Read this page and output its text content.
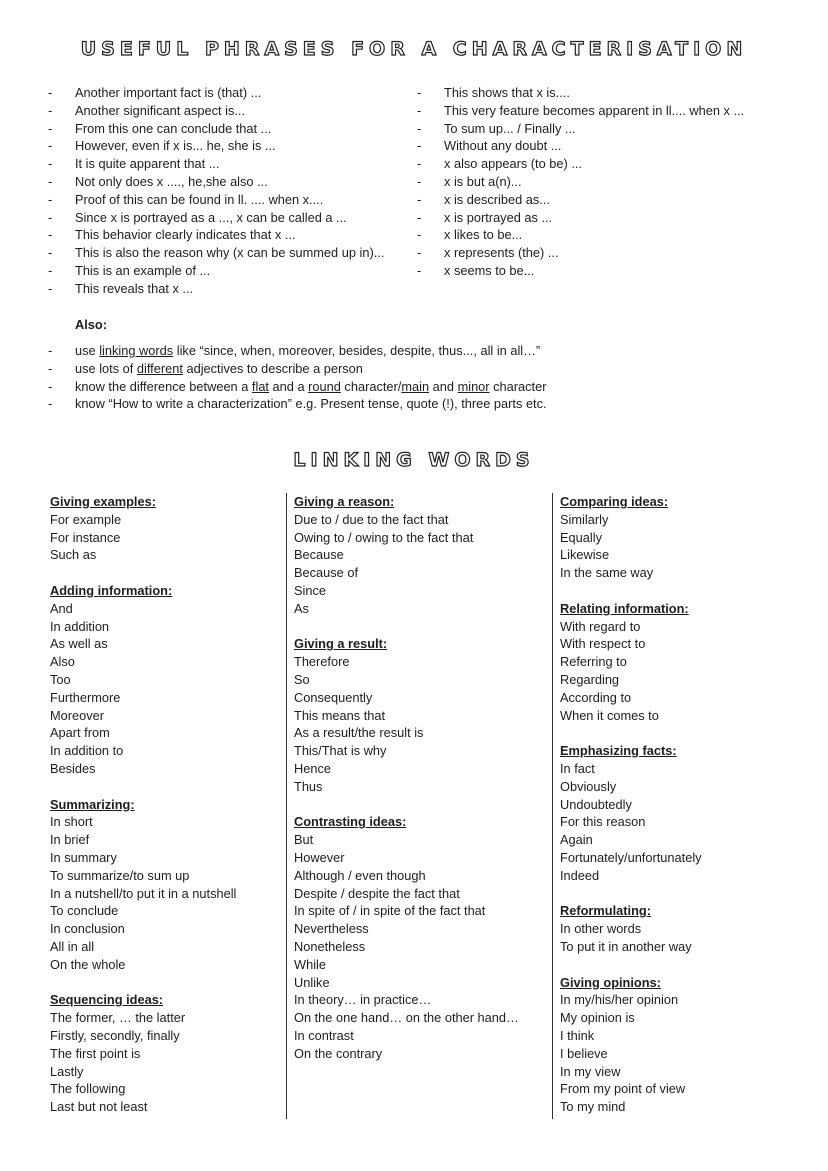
USEFUL PHRASES FOR A CHARACTERISATION
- Another important fact is (that) ...
- Another significant aspect is...
- From this one can conclude that ...
- However, even if x is... he, she is ...
- It is quite apparent that ...
- Not only does x ...., he,she also ...
- Proof of this can be found in ll. .... when x....
- Since x is portrayed as a ..., x can be called a ...
- This behavior clearly indicates that x ...
- This is also the reason why (x can be summed up in)...
- This is an example of ...
- This reveals that x ...
- This shows that x is....
- This very feature becomes apparent in ll.... when x ...
- To sum up... / Finally ...
- Without any doubt ...
- x also appears (to be) ...
- x is but a(n)...
- x is described as...
- x is portrayed as ...
- x likes to be...
- x represents (the) ...
- x seems to be...
Also:
- use linking words like “since, when, moreover, besides, despite, thus..., all in all…”
- use lots of different adjectives to describe a person
- know the difference between a flat and a round character/main and minor character
- know “How to write a characterization” e.g. Present tense, quote (!), three parts etc.
LINKING WORDS
Giving examples:
For example
For instance
Such as
Adding information:
And
In addition
As well as
Also
Too
Furthermore
Moreover
Apart from
In addition to
Besides
Summarizing:
In short
In brief
In summary
To summarize/to sum up
In a nutshell/to put it in a nutshell
To conclude
In conclusion
All in all
On the whole
Sequencing ideas:
The former, … the latter
Firstly, secondly, finally
The first point is
Lastly
The following
Last but not least
Giving a reason:
Due to / due to the fact that
Owing to / owing to the fact that
Because
Because of
Since
As
Giving a result:
Therefore
So
Consequently
This means that
As a result/the result is
This/That is why
Hence
Thus
Contrasting ideas:
But
However
Although / even though
Despite / despite the fact that
In spite of / in spite of the fact that
Nevertheless
Nonetheless
While
Unlike
In theory… in practice…
On the one hand… on the other hand…
In contrast
On the contrary
Comparing ideas:
Similarly
Equally
Likewise
In the same way
Relating information:
With regard to
With respect to
Referring to
Regarding
According to
When it comes to
Emphasizing facts:
In fact
Obviously
Undoubtedly
For this reason
Again
Fortunately/unfortunately
Indeed
Reformulating:
In other words
To put it in another way
Giving opinions:
In my/his/her opinion
My opinion is
I think
I believe
In my view
From my point of view
To my mind
